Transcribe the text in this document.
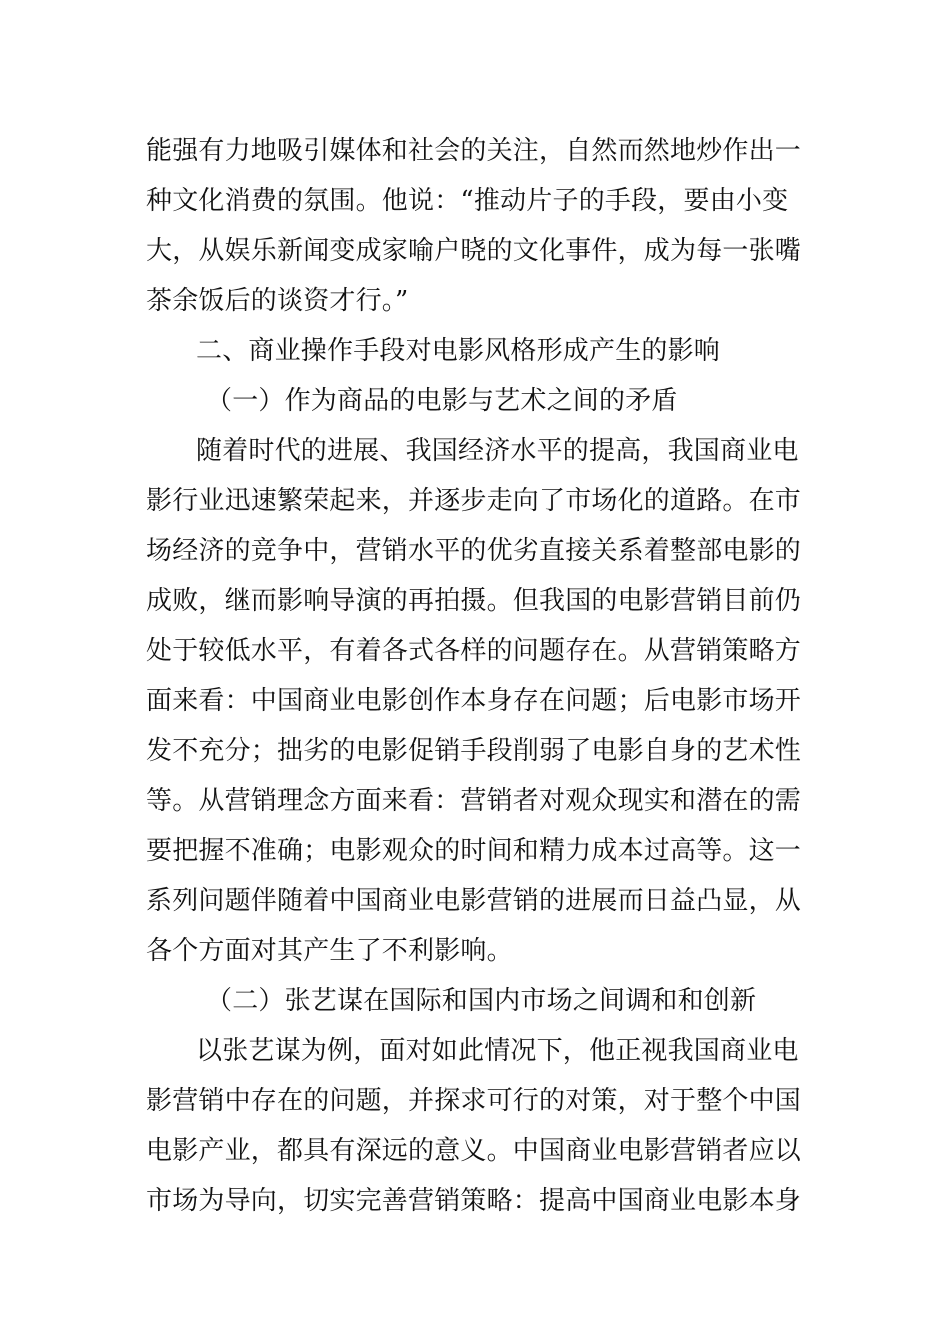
能强有力地吸引媒体和社会的关注，自然而然地炒作出一
种文化消费的氛围。他说：“推动片子的手段，要由小变
大，从娱乐新闻变成家喻户晓的文化事件，成为每一张嘴
茶余饭后的谈资才行。”
二、商业操作手段对电影风格形成产生的影响
（一）作为商品的电影与艺术之间的矛盾
随着时代的进展、我国经济水平的提高，我国商业电
影行业迅速繁荣起来，并逐步走向了市场化的道路。在市
场经济的竞争中，营销水平的优劣直接关系着整部电影的
成败，继而影响导演的再拍摄。但我国的电影营销目前仍
处于较低水平，有着各式各样的问题存在。从营销策略方
面来看：中国商业电影创作本身存在问题；后电影市场开
发不充分；拙劣的电影促销手段削弱了电影自身的艺术性
等。从营销理念方面来看：营销者对观众现实和潜在的需
要把握不准确；电影观众的时间和精力成本过高等。这一
系列问题伴随着中国商业电影营销的进展而日益凸显，从
各个方面对其产生了不利影响。
（二）张艺谋在国际和国内市场之间调和和创新
以张艺谋为例，面对如此情况下，他正视我国商业电
影营销中存在的问题，并探求可行的对策，对于整个中国
电影产业，都具有深远的意义。中国商业电影营销者应以
市场为导向，切实完善营销策略：提高中国商业电影本身
